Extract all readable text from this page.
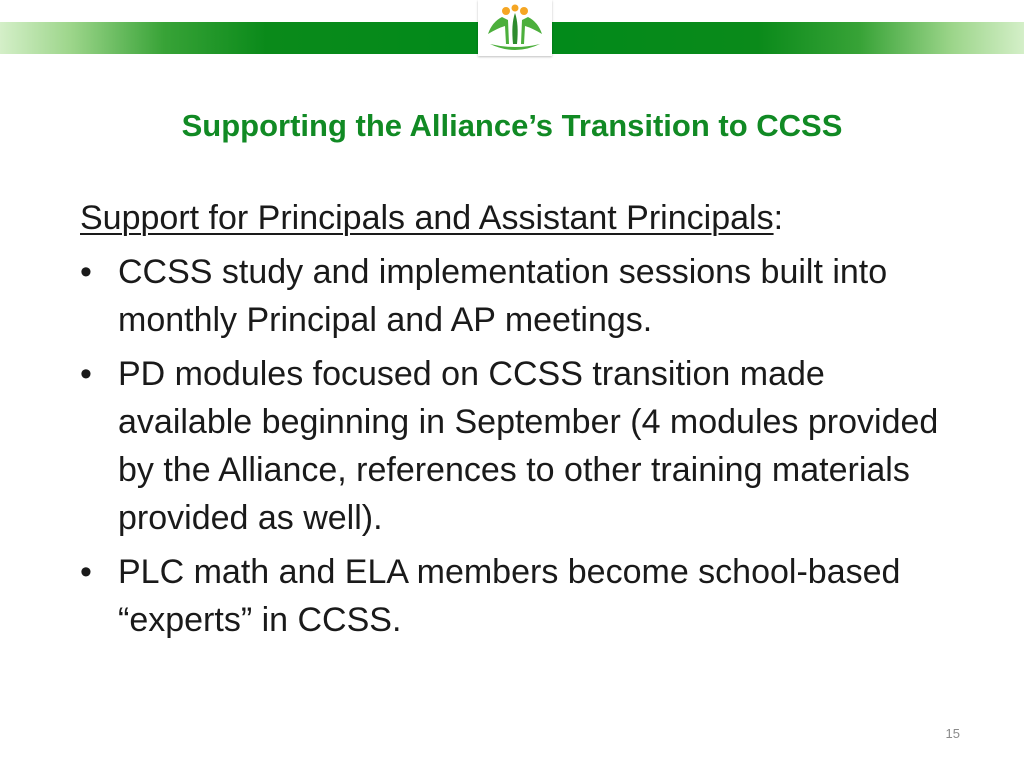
Supporting the Alliance’s Transition to CCSS
Support for Principals and Assistant Principals:
• CCSS study and implementation sessions built into monthly Principal and AP meetings.
• PD modules focused on CCSS transition made available beginning in September (4 modules provided by the Alliance, references to other training materials provided as well).
• PLC math and ELA members become school-based “experts” in CCSS.
15
